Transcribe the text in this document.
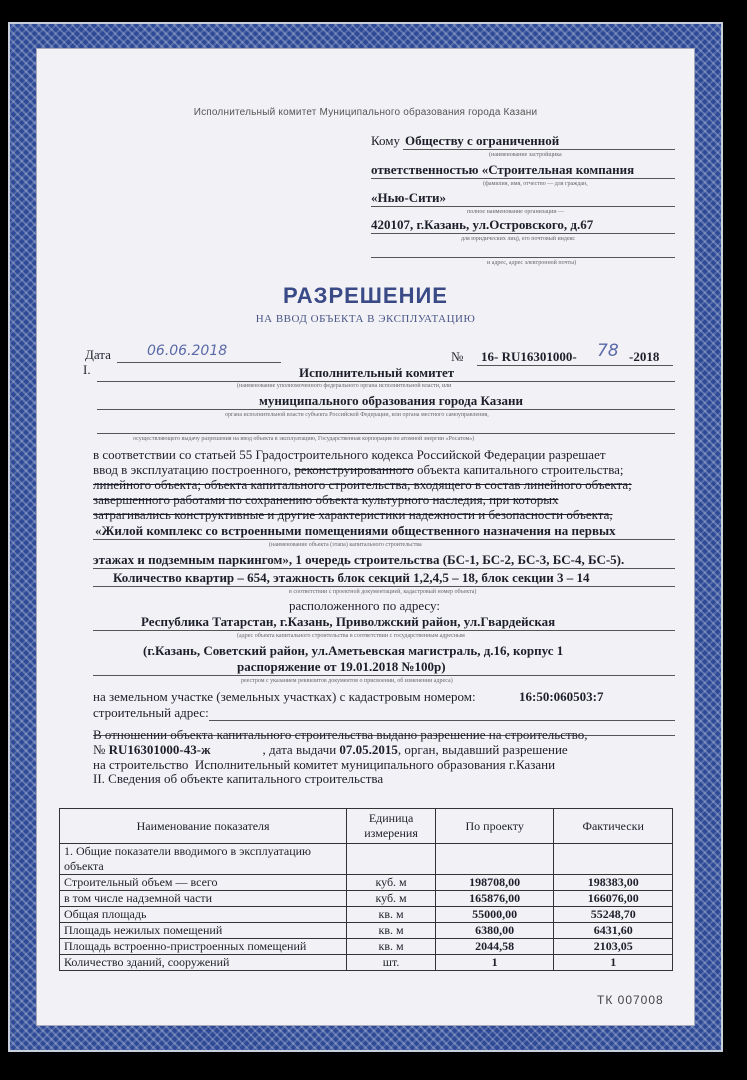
Исполнительный комитет Муниципального образования города Казани
Кому Обществу с ограниченной
(наименование застройщика
ответственностью «Строительная компания
(фамилия, имя, отчество — для граждан,
«Нью-Сити»
полное наименование организации —
420107, г.Казань, ул.Островского, д.67
для юридических лиц), его почтовый индекс
и адрес, адрес электронной почты)
РАЗРЕШЕНИЕ
НА ВВОД ОБЪЕКТА В ЭКСПЛУАТАЦИЮ
Дата	06.06.2018	№ 16- RU16301000- 78 -2018
I.	Исполнительный комитет
(наименование уполномоченного федерального органа исполнительной власти, или
муниципального образования города Казани
органа исполнительной власти субъекта Российской Федерации, или органа местного самоуправления,
осуществляющего выдачу разрешения на ввод объекта в эксплуатацию, Государственная корпорация по атомной энергии «Росатом»)
в соответствии со статьей 55 Градостроительного кодекса Российской Федерации разрешает
ввод в эксплуатацию построенного, реконструированного объекта капитального строительства;
линейного объекта; объекта капитального строительства, входящего в состав линейного объекта;
завершенного работами по сохранению объекта культурного наследия, при которых
затрагивались конструктивные и другие характеристики надежности и безопасности объекта,
«Жилой комплекс со встроенными помещениями общественного назначения на первых
(наименование объекта (этапа) капитального строительства
этажах и подземным паркингом», 1 очередь строительства (БС-1, БС-2, БС-3, БС-4, БС-5).
Количество квартир – 654, этажность блок секций 1,2,4,5 – 18, блок секции 3 – 14
в соответствии с проектной документацией, кадастровый номер объекта)
расположенного по адресу:
Республика Татарстан, г.Казань, Приволжский район, ул.Гвардейская
(адрес объекта капитального строительства в соответствии с государственным адресным
(г.Казань, Советский район, ул.Аметьевская магистраль, д.16, корпус 1
распоряжение от 19.01.2018 №100р)
реестром с указанием реквизитов документов о присвоении, об изменении адреса)
на земельном участке (земельных участках) с кадастровым номером:	16:50:060503:7
строительный адрес:
В отношении объекта капитального строительства выдано разрешение на строительство,
№ RU16301000-43-ж	, дата выдачи 07.05.2015, орган, выдавший разрешение
на строительство Исполнительный комитет муниципального образования г.Казани
II. Сведения об объекте капитального строительства
Наименование показателя	Единица измерения	По проекту	Фактически
1. Общие показатели вводимого в эксплуатацию объекта			
Строительный объем — всего	куб. м	198708,00	198383,00
в том числе надземной части	куб. м	165876,00	166076,00
Общая площадь	кв. м	55000,00	55248,70
Площадь нежилых помещений	кв. м	6380,00	6431,60
Площадь встроенно-пристроенных помещений	кв. м	2044,58	2103,05
Количество зданий, сооружений	шт.	1	1
ТК 007008
